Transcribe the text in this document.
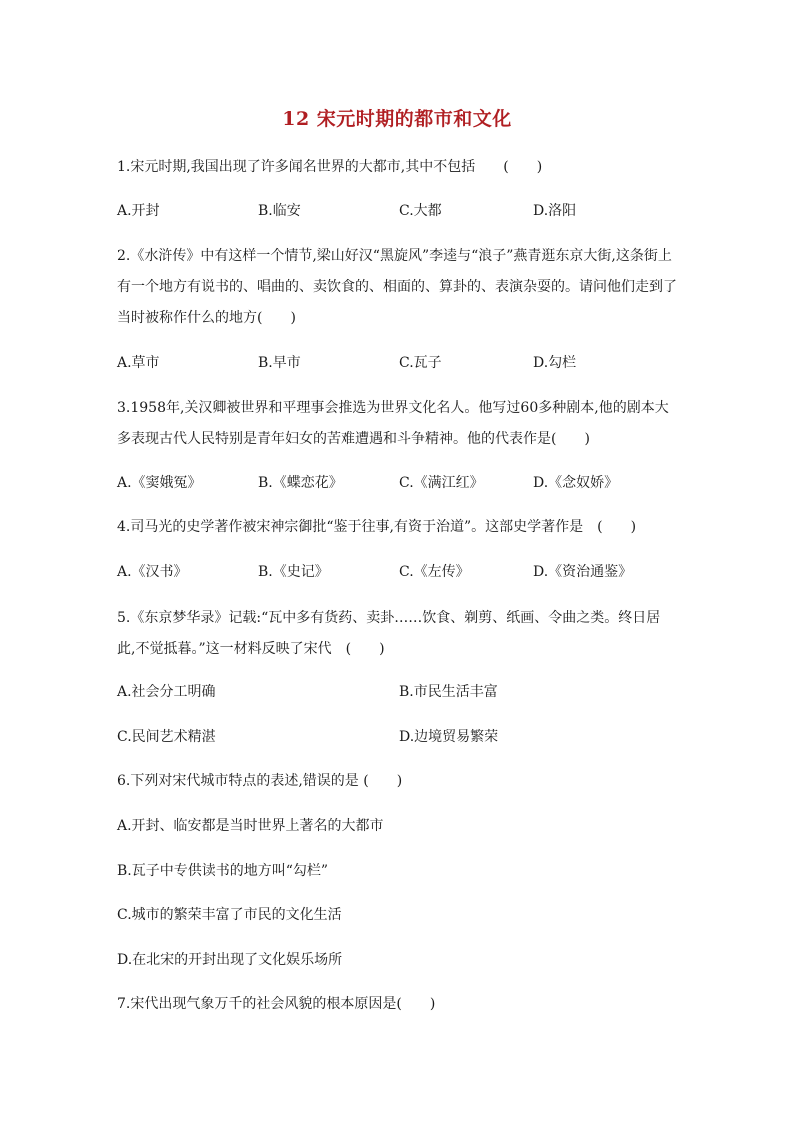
12 宋元时期的都市和文化

1.宋元时期,我国出现了许多闻名世界的大都市,其中不包括　　(　　)

A.开封	B.临安	C.大都	D.洛阳

2.《水浒传》中有这样一个情节,梁山好汉“黑旋风”李逵与“浪子”燕青逛东京大街,这条街上有一个地方有说书的、唱曲的、卖饮食的、相面的、算卦的、表演杂耍的。请问他们走到了当时被称作什么的地方(　　)

A.草市	B.早市	C.瓦子	D.勾栏

3.1958年,关汉卿被世界和平理事会推选为世界文化名人。他写过60多种剧本,他的剧本大多表现古代人民特别是青年妇女的苦难遭遇和斗争精神。他的代表作是(　　)

A.《窦娥冤》	B.《蝶恋花》	C.《满江红》	D.《念奴娇》

4.司马光的史学著作被宋神宗御批“鉴于往事,有资于治道”。这部史学著作是　(　　)

A.《汉书》	B.《史记》	C.《左传》	D.《资治通鉴》

5.《东京梦华录》记载:“瓦中多有货药、卖卦……饮食、剃剪、纸画、令曲之类。终日居此,不觉抵暮。”这一材料反映了宋代　(　　)

A.社会分工明确	B.市民生活丰富
C.民间艺术精湛	D.边境贸易繁荣

6.下列对宋代城市特点的表述,错误的是 (　　)

A.开封、临安都是当时世界上著名的大都市
B.瓦子中专供读书的地方叫“勾栏”
C.城市的繁荣丰富了市民的文化生活
D.在北宋的开封出现了文化娱乐场所

7.宋代出现气象万千的社会风貌的根本原因是(　　)
